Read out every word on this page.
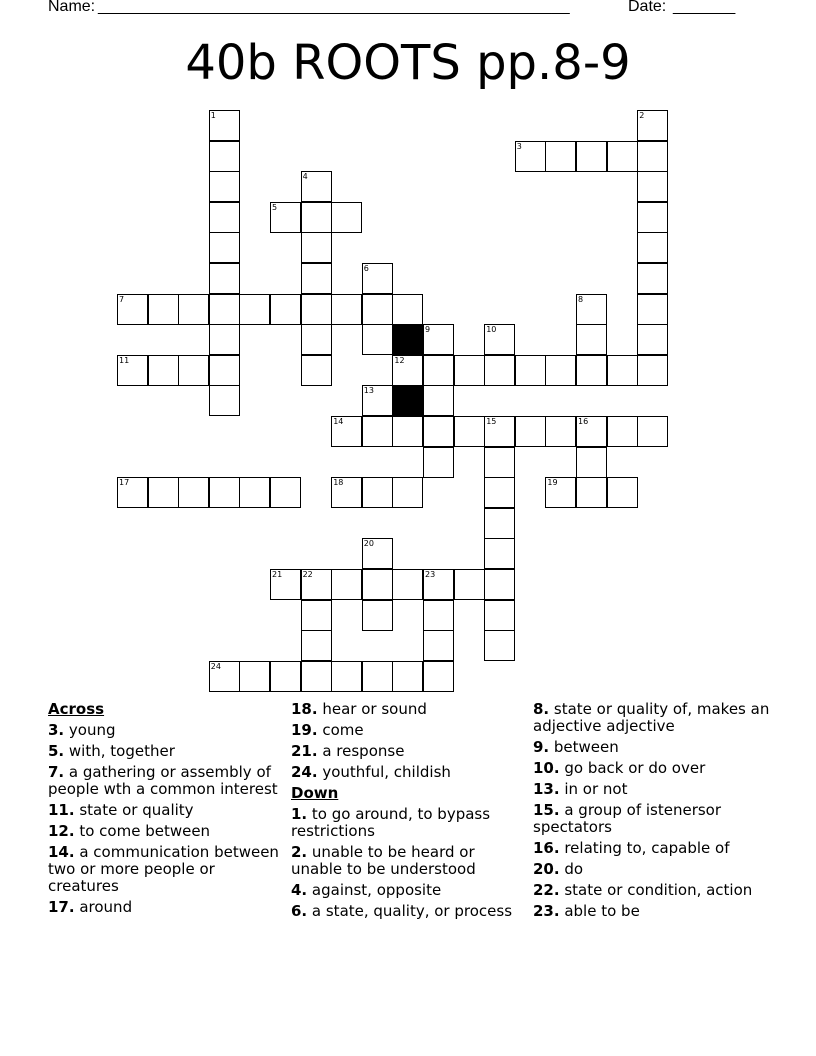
Name: _____________________________________________________	Date: _______
40b ROOTS pp.8-9
1	2
3
4
5
6
7	8
9	10
11	12
13
14	15	16
17	18	19
20
21	22	23
24
Across
3. young
5. with, together
7. a gathering or assembly of people wth a common interest
11. state or quality
12. to come between
14. a communication between two or more people or creatures
17. around
18. hear or sound
19. come
21. a response
24. youthful, childish
Down
1. to go around, to bypass restrictions
2. unable to be heard or unable to be understood
4. against, opposite
6. a state, quality, or process
8. state or quality of, makes an adjective adjective
9. between
10. go back or do over
13. in or not
15. a group of istenersor spectators
16. relating to, capable of
20. do
22. state or condition, action
23. able to be
